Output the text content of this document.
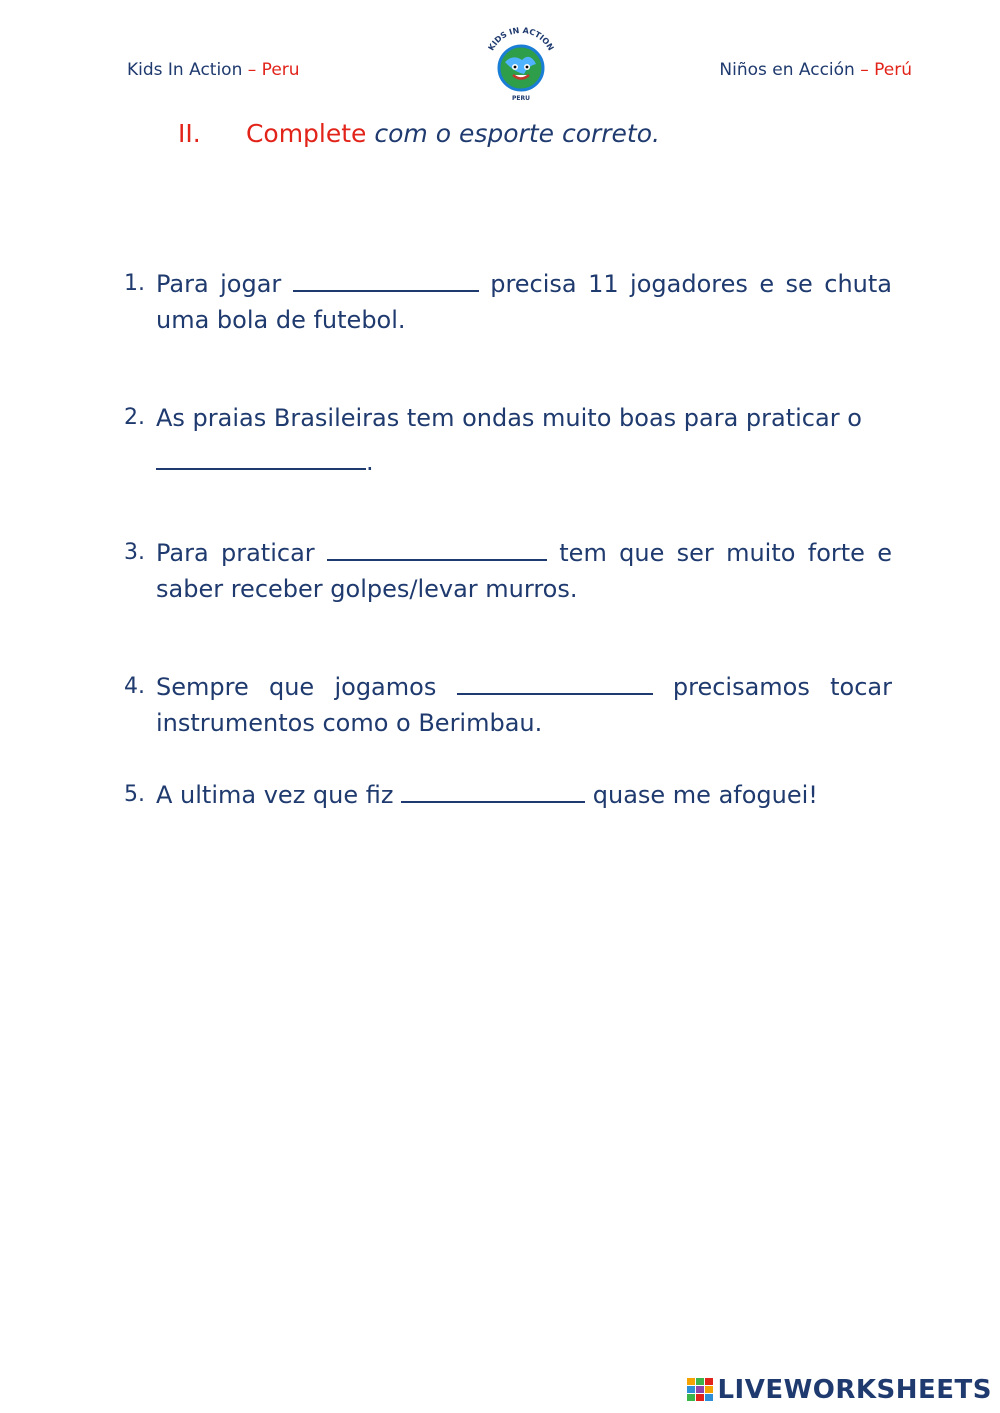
Kids In Action – Peru
KIDS IN ACTION
PERU
Niños en Acción – Perú
II. Complete com o esporte correto.
1. Para jogar	precisa 11 jogadores e se chuta uma bola de futebol.
2. As praias Brasileiras tem ondas muito boas para praticar o
.
3. Para praticar	tem que ser muito forte e saber receber golpes/levar murros.
4. Sempre que jogamos	precisamos tocar instrumentos como o Berimbau.
5. A ultima vez que fiz	quase me afoguei!
LIVEWORKSHEETS
